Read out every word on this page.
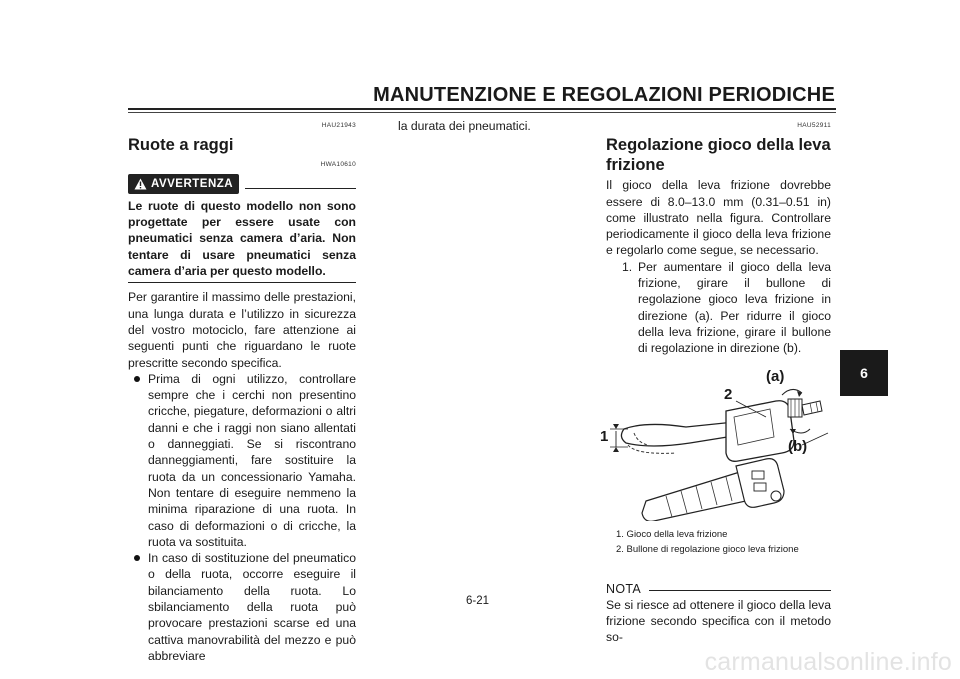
MANUTENZIONE E REGOLAZIONI PERIODICHE
HAU21943
Ruote a raggi
HWA10610
AVVERTENZA

Le ruote di questo modello non sono progettate per essere usate con pneumatici senza camera d’aria. Non tentare di usare pneumatici senza camera d’aria per questo modello.

Per garantire il massimo delle prestazioni, una lunga durata e l’utilizzo in sicurezza del vostro motociclo, fare attenzione ai seguenti punti che riguardano le ruote prescritte secondo specifica.

Prima di ogni utilizzo, controllare sempre che i cerchi non presentino cricche, piegature, deformazioni o altri danni e che i raggi non siano allentati o danneggiati. Se si riscontrano danneggiamenti, fare sostituire la ruota da un concessionario Yamaha. Non tentare di eseguire nemmeno la minima riparazione di una ruota. In caso di deformazioni o di cricche, la ruota va sostituita.
In caso di sostituzione del pneumatico o della ruota, occorre eseguire il bilanciamento della ruota. Lo sbilanciamento della ruota può provocare prestazioni scarse ed una cattiva manovrabilità del mezzo e può abbreviare

la durata dei pneumatici.	HAU52911
Regolazione gioco della leva frizione

Il gioco della leva frizione dovrebbe essere di 8.0–13.0 mm (0.31–0.51 in) come illustrato nella figura. Controllare periodicamente il gioco della leva frizione e regolarlo come segue, se necessario.

1. Per aumentare il gioco della leva frizione, girare il bullone di regolazione gioco leva frizione in direzione (a). Per ridurre il gioco della leva frizione, girare il bullone di regolazione in direzione (b).
1
2
(a)
(b)
1. Gioco della leva frizione
2. Bullone di regolazione gioco leva frizione
NOTA

Se si riesce ad ottenere il gioco della leva frizione secondo specifica con il metodo so-

6-21
6
carmanualsonline.info
